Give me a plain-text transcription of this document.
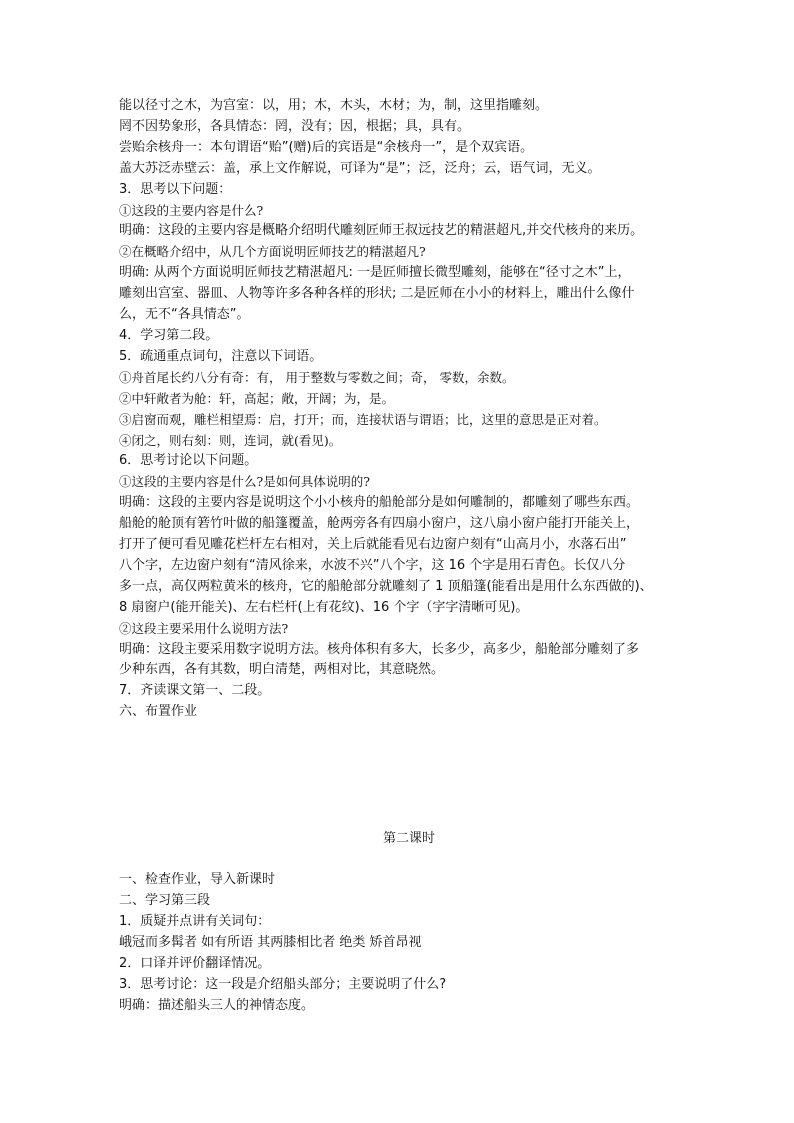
能以径寸之木，为宫室：以，用；木，木头，木材；为，制，这里指雕刻。
罔不因势象形，各具情态：罔，没有；因，根据；具，具有。
尝贻余核舟一：本句谓语“贻”(赠)后的宾语是“余核舟一”，是个双宾语。
盖大苏泛赤壁云：盖，承上文作解说，可译为“是”；泛，泛舟；云，语气词，无义。
3．思考以下问题：
①这段的主要内容是什么?
明确：这段的主要内容是概略介绍明代雕刻匠师王叔远技艺的精湛超凡,并交代核舟的来历。
②在概略介绍中，从几个方面说明匠师技艺的精湛超凡?
明确: 从两个方面说明匠师技艺精湛超凡: 一是匠师擅长微型雕刻，能够在“径寸之木”上，
雕刻出宫室、器皿、人物等许多各种各样的形状; 二是匠师在小小的材料上，雕出什么像什
么，无不“各具情态”。
4．学习第二段。
5．疏通重点词句，注意以下词语。
①舟首尾长约八分有奇：有， 用于整数与零数之间；奇， 零数，余数。
②中轩敞者为舱：轩，高起；敞，开阔；为，是。
③启窗而观，雕栏相望焉：启，打开；而，连接状语与谓语；比，这里的意思是正对着。
④闭之，则右刻：则，连词，就(看见)。
6．思考讨论以下问题。
①这段的主要内容是什么?是如何具体说明的?
明确：这段的主要内容是说明这个小小核舟的船舱部分是如何雕制的，都雕刻了哪些东西。
船舱的舱顶有箬竹叶做的船篷覆盖，舱两旁各有四扇小窗户，这八扇小窗户能打开能关上，
打开了便可看见雕花栏杆左右相对，关上后就能看见右边窗户刻有“山高月小，水落石出”
八个字，左边窗户刻有“清风徐来，水波不兴”八个字，这 16 个字是用石青色。长仅八分
多一点，高仅两粒黄米的核舟，它的船舱部分就雕刻了 1 顶船篷(能看出是用什么东西做的)、
8 扇窗户(能开能关)、左右栏杆(上有花纹)、16 个字（字字清晰可见)。
②这段主要采用什么说明方法?
明确：这段主要采用数字说明方法。核舟体积有多大，长多少，高多少，船舱部分雕刻了多
少种东西，各有其数，明白清楚，两相对比，其意晓然。
7．齐读课文第一、二段。
六、布置作业
第二课时
一、检查作业，导入新课时
二、学习第三段
1．质疑并点讲有关词句：
峨冠而多髯者 如有所语 其两膝相比者 绝类 矫首昂视
2．口译并评价翻译情况。
3．思考讨论：这一段是介绍船头部分；主要说明了什么?
明确：描述船头三人的神情态度。
